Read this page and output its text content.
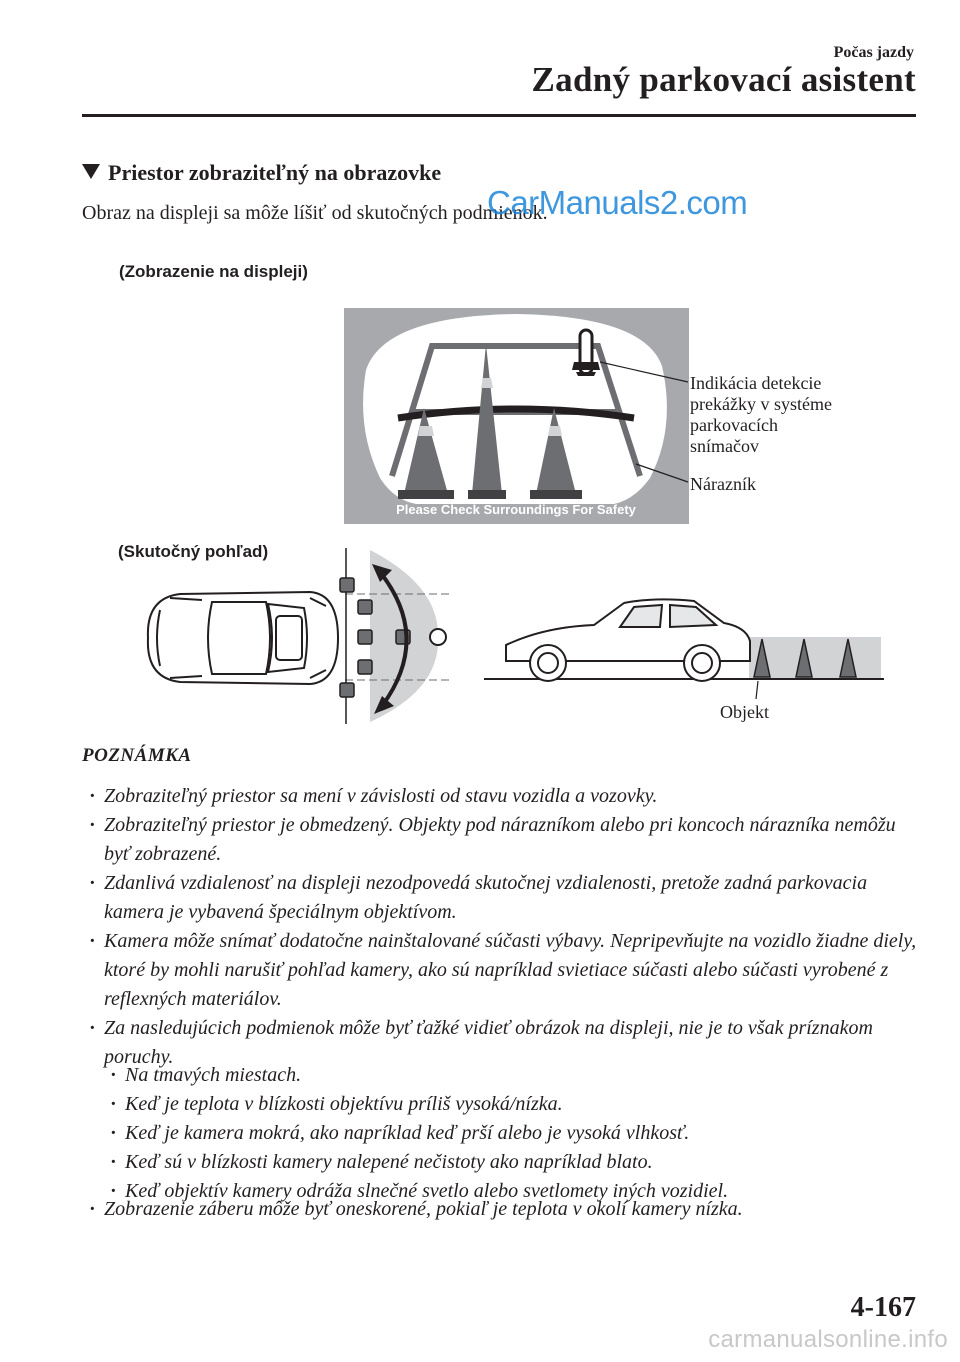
Počas jazdy
Zadný parkovací asistent
Priestor zobraziteľný na obrazovke
Obraz na displeji sa môže líšiť od skutočných podmienok.
CarManuals2.com
(Zobrazenie na displeji)
Please Check Surroundings For Safety
Indikácia detekcie
prekážky v systéme
parkovacích
snímačov
Nárazník
(Skutočný pohľad)
Objekt
POZNÁMKA
· Zobraziteľný priestor sa mení v závislosti od stavu vozidla a vozovky.
· Zobraziteľný priestor je obmedzený. Objekty pod nárazníkom alebo pri koncoch nárazníka nemôžu byť zobrazené.
· Zdanlivá vzdialenosť na displeji nezodpovedá skutočnej vzdialenosti, pretože zadná parkovacia kamera je vybavená špeciálnym objektívom.
· Kamera môže snímať dodatočne nainštalované súčasti výbavy. Nepripevňujte na vozidlo žiadne diely, ktoré by mohli narušiť pohľad kamery, ako sú napríklad svietiace súčasti alebo súčasti vyrobené z reflexných materiálov.
· Za nasledujúcich podmienok môže byť ťažké vidieť obrázok na displeji, nie je to však príznakom poruchy.
· Na tmavých miestach.
· Keď je teplota v blízkosti objektívu príliš vysoká/nízka.
· Keď je kamera mokrá, ako napríklad keď prší alebo je vysoká vlhkosť.
· Keď sú v blízkosti kamery nalepené nečistoty ako napríklad blato.
· Keď objektív kamery odráža slnečné svetlo alebo svetlomety iných vozidiel.
· Zobrazenie záberu môže byť oneskorené, pokiaľ je teplota v okolí kamery nízka.
4-167
carmanualsonline.info
